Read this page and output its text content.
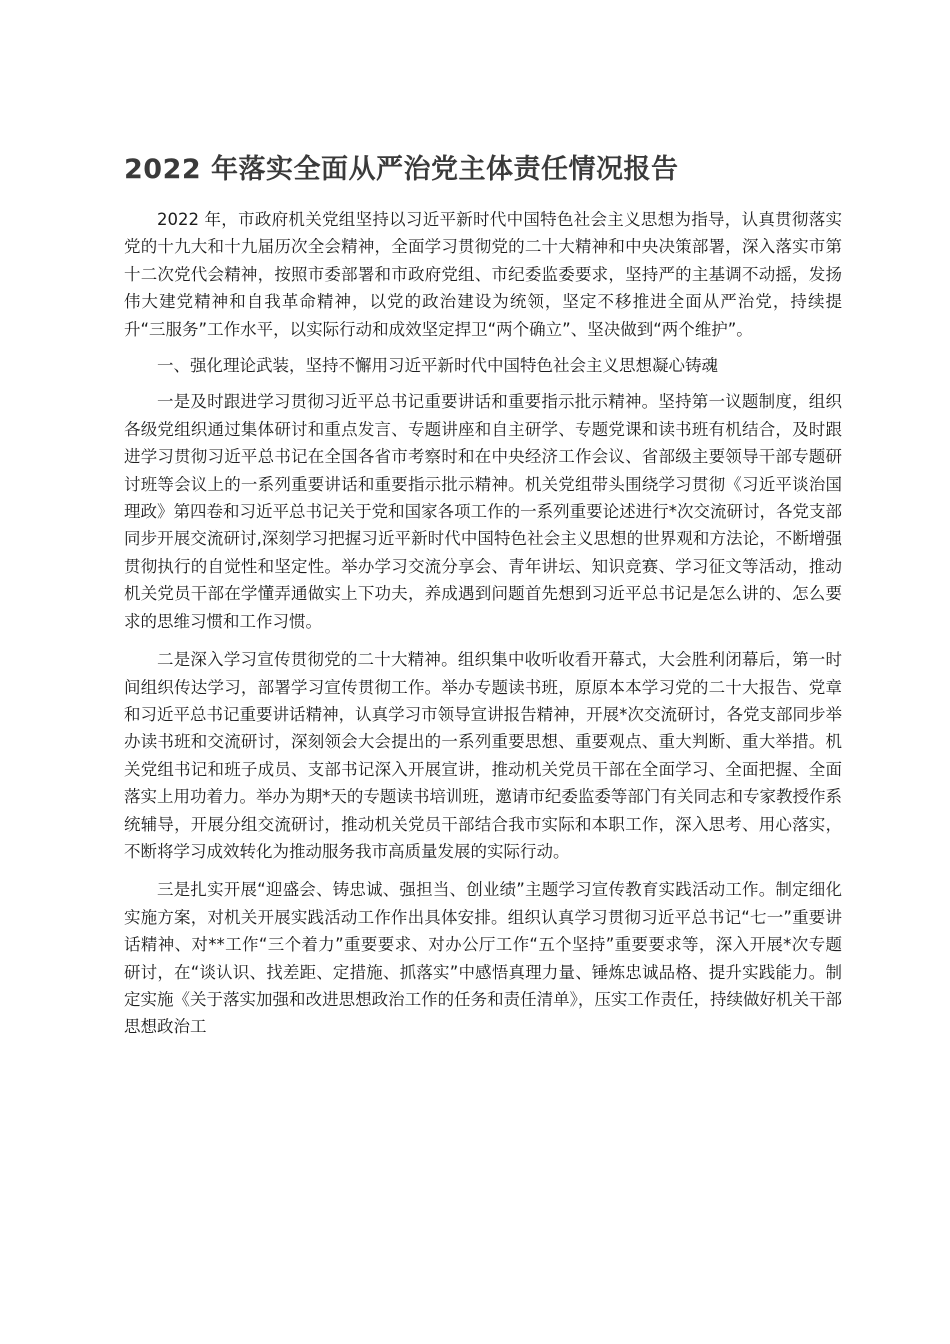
2022 年落实全面从严治党主体责任情况报告

2022 年，市政府机关党组坚持以习近平新时代中国特色社会主义思想为指导，认真贯彻落实党的十九大和十九届历次全会精神，全面学习贯彻党的二十大精神和中央决策部署，深入落实市第十二次党代会精神，按照市委部署和市政府党组、市纪委监委要求，坚持严的主基调不动摇，发扬伟大建党精神和自我革命精神，以党的政治建设为统领，坚定不移推进全面从严治党，持续提升“三服务”工作水平，以实际行动和成效坚定捍卫“两个确立”、坚决做到“两个维护”。

一、强化理论武装，坚持不懈用习近平新时代中国特色社会主义思想凝心铸魂

一是及时跟进学习贯彻习近平总书记重要讲话和重要指示批示精神。坚持第一议题制度，组织各级党组织通过集体研讨和重点发言、专题讲座和自主研学、专题党课和读书班有机结合，及时跟进学习贯彻习近平总书记在全国各省市考察时和在中央经济工作会议、省部级主要领导干部专题研讨班等会议上的一系列重要讲话和重要指示批示精神。机关党组带头围绕学习贯彻《习近平谈治国理政》第四卷和习近平总书记关于党和国家各项工作的一系列重要论述进行*次交流研讨，各党支部同步开展交流研讨,深刻学习把握习近平新时代中国特色社会主义思想的世界观和方法论，不断增强贯彻执行的自觉性和坚定性。举办学习交流分享会、青年讲坛、知识竞赛、学习征文等活动，推动机关党员干部在学懂弄通做实上下功夫，养成遇到问题首先想到习近平总书记是怎么讲的、怎么要求的思维习惯和工作习惯。

二是深入学习宣传贯彻党的二十大精神。组织集中收听收看开幕式，大会胜利闭幕后，第一时间组织传达学习，部署学习宣传贯彻工作。举办专题读书班，原原本本学习党的二十大报告、党章和习近平总书记重要讲话精神，认真学习市领导宣讲报告精神，开展*次交流研讨，各党支部同步举办读书班和交流研讨，深刻领会大会提出的一系列重要思想、重要观点、重大判断、重大举措。机关党组书记和班子成员、支部书记深入开展宣讲，推动机关党员干部在全面学习、全面把握、全面落实上用功着力。举办为期*天的专题读书培训班，邀请市纪委监委等部门有关同志和专家教授作系统辅导，开展分组交流研讨，推动机关党员干部结合我市实际和本职工作，深入思考、用心落实，不断将学习成效转化为推动服务我市高质量发展的实际行动。

三是扎实开展“迎盛会、铸忠诚、强担当、创业绩”主题学习宣传教育实践活动工作。制定细化实施方案，对机关开展实践活动工作作出具体安排。组织认真学习贯彻习近平总书记“七一”重要讲话精神、对**工作“三个着力”重要要求、对办公厅工作“五个坚持”重要要求等，深入开展*次专题研讨，在“谈认识、找差距、定措施、抓落实”中感悟真理力量、锤炼忠诚品格、提升实践能力。制定实施《关于落实加强和改进思想政治工作的任务和责任清单》，压实工作责任，持续做好机关干部思想政治工
